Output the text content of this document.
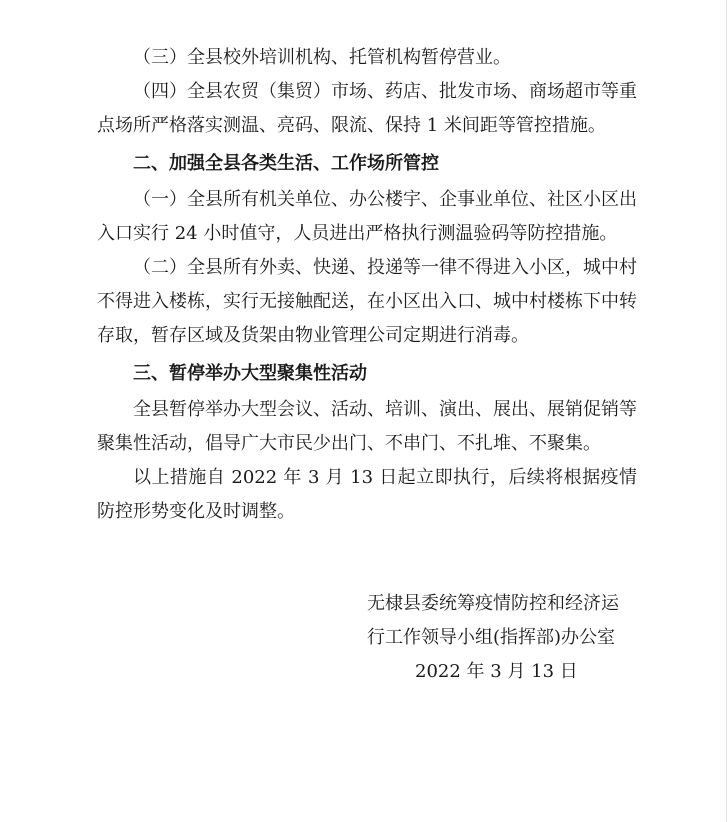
（三）全县校外培训机构、托管机构暂停营业。

（四）全县农贸（集贸）市场、药店、批发市场、商场超市等重点场所严格落实测温、亮码、限流、保持 1 米间距等管控措施。

二、加强全县各类生活、工作场所管控

（一）全县所有机关单位、办公楼宇、企事业单位、社区小区出入口实行 24 小时值守，人员进出严格执行测温验码等防控措施。

（二）全县所有外卖、快递、投递等一律不得进入小区，城中村不得进入楼栋，实行无接触配送，在小区出入口、城中村楼栋下中转存取，暂存区域及货架由物业管理公司定期进行消毒。

三、暂停举办大型聚集性活动

全县暂停举办大型会议、活动、培训、演出、展出、展销促销等聚集性活动，倡导广大市民少出门、不串门、不扎堆、不聚集。

以上措施自 2022 年 3 月 13 日起立即执行，后续将根据疫情防控形势变化及时调整。

无棣县委统筹疫情防控和经济运
行工作领导小组(指挥部)办公室
2022 年 3 月 13 日
